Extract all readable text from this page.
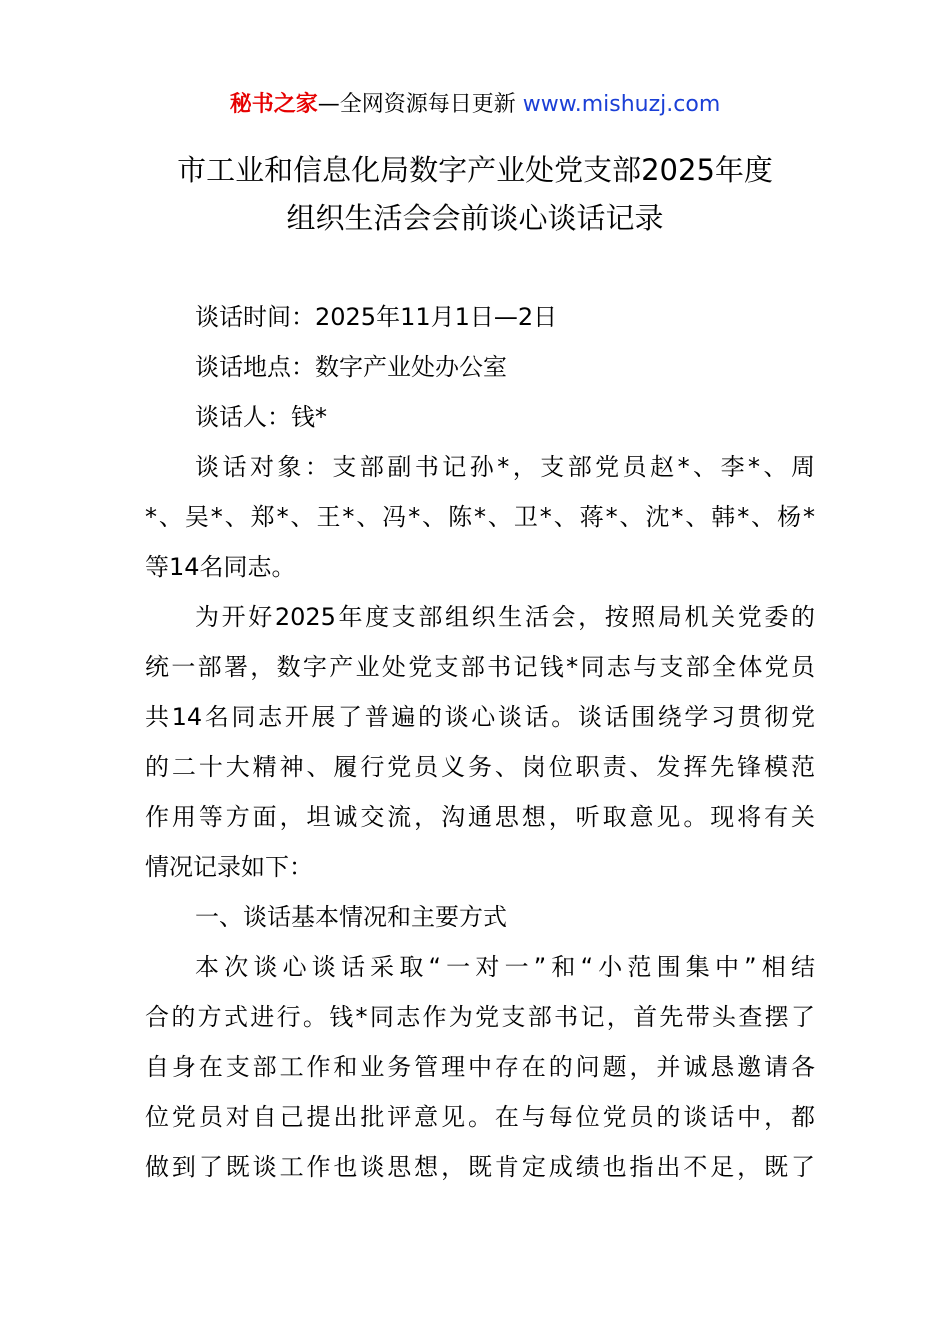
秘书之家—全网资源每日更新 www.mishuzj.com
市工业和信息化局数字产业处党支部2025年度
组织生活会会前谈心谈话记录
谈话时间：2025年11月1日—2日
谈话地点：数字产业处办公室
谈话人：钱*
谈话对象：支部副书记孙*，支部党员赵*、李*、周
*、吴*、郑*、王*、冯*、陈*、卫*、蒋*、沈*、韩*、杨*
等14名同志。
为开好2025年度支部组织生活会，按照局机关党委的
统一部署，数字产业处党支部书记钱*同志与支部全体党员
共14名同志开展了普遍的谈心谈话。谈话围绕学习贯彻党
的二十大精神、履行党员义务、岗位职责、发挥先锋模范
作用等方面，坦诚交流，沟通思想，听取意见。现将有关
情况记录如下：
一、谈话基本情况和主要方式
本次谈心谈话采取“一对一”和“小范围集中”相结
合的方式进行。钱*同志作为党支部书记，首先带头查摆了
自身在支部工作和业务管理中存在的问题，并诚恳邀请各
位党员对自己提出批评意见。在与每位党员的谈话中，都
做到了既谈工作也谈思想，既肯定成绩也指出不足，既了
